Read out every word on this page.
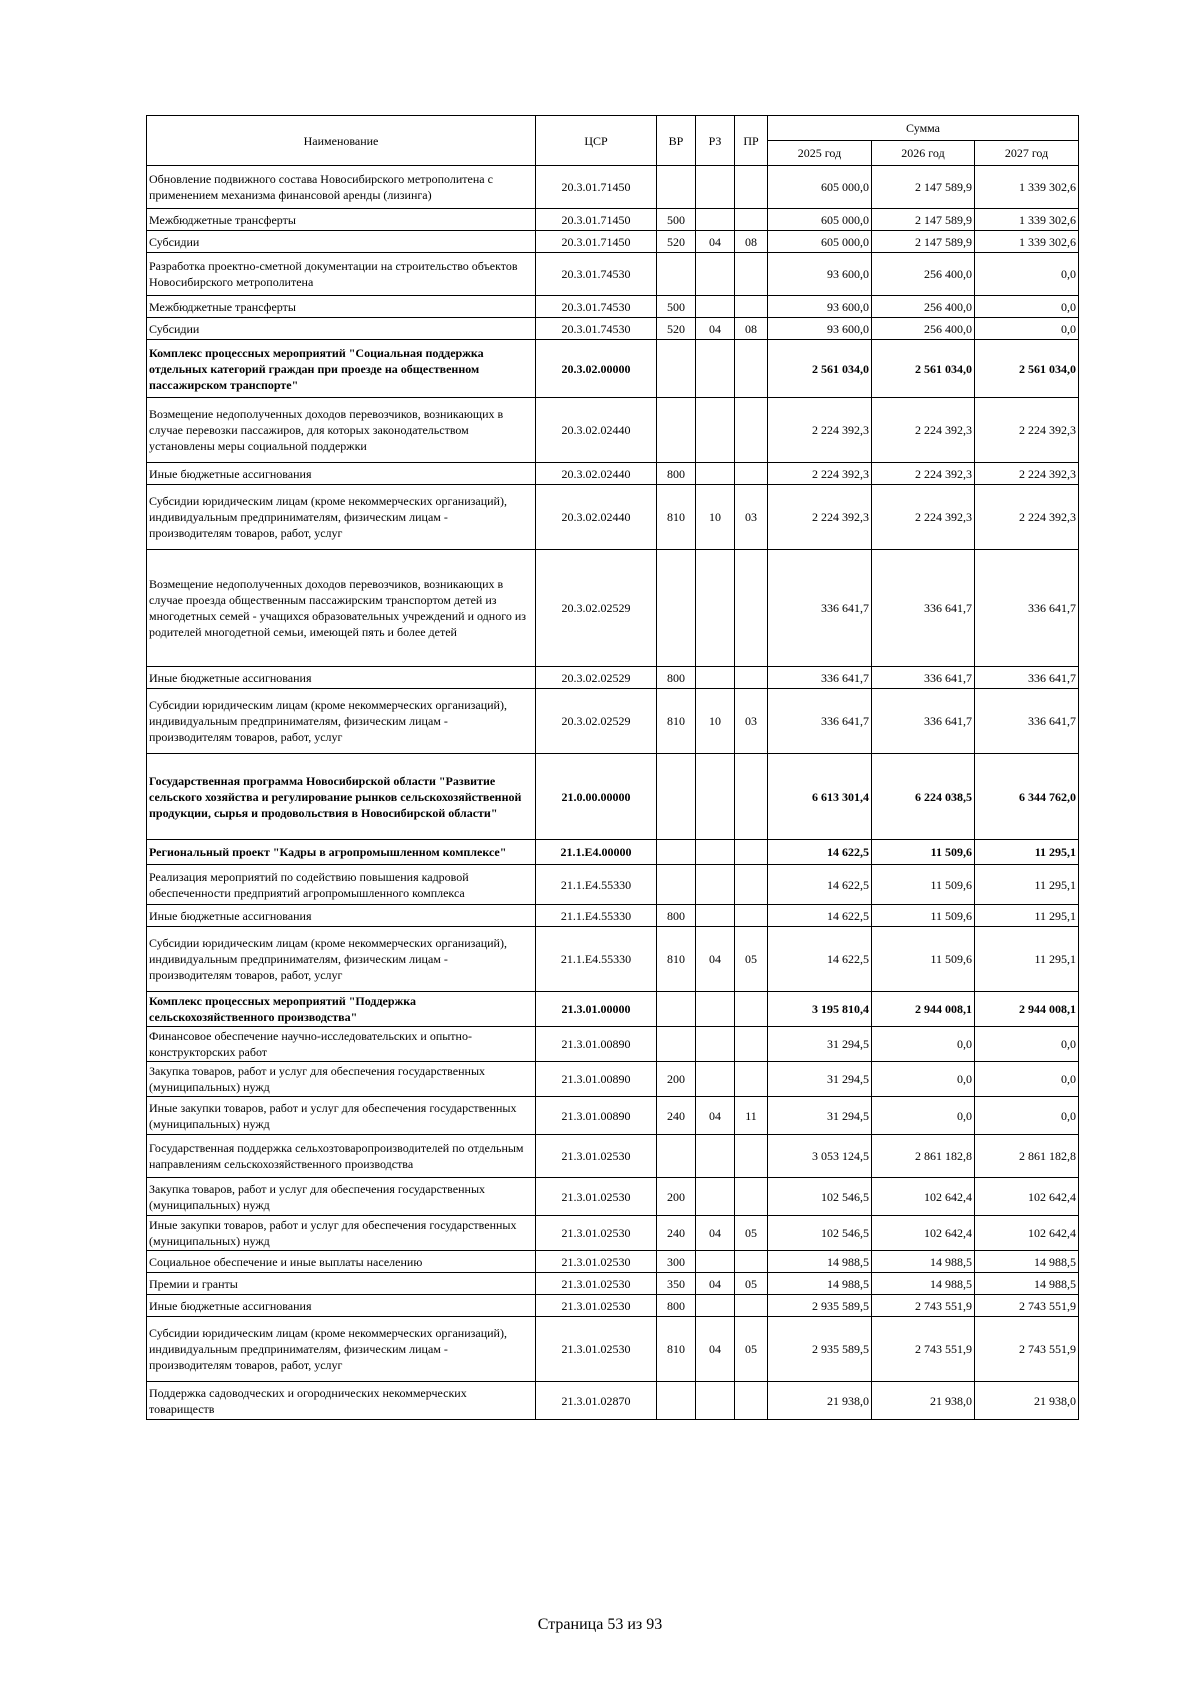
Наименование	ЦСР	ВР	РЗ	ПР	Сумма		
					2025 год	2026 год	2027 год
Обновление подвижного состава Новосибирского метрополитена с применением механизма финансовой аренды (лизинга)	20.3.01.71450				605 000,0	2 147 589,9	1 339 302,6
Межбюджетные трансферты	20.3.01.71450	500			605 000,0	2 147 589,9	1 339 302,6
Субсидии	20.3.01.71450	520	04	08	605 000,0	2 147 589,9	1 339 302,6
Разработка проектно-сметной документации на строительство объектов Новосибирского метрополитена	20.3.01.74530				93 600,0	256 400,0	0,0
Межбюджетные трансферты	20.3.01.74530	500			93 600,0	256 400,0	0,0
Субсидии	20.3.01.74530	520	04	08	93 600,0	256 400,0	0,0
Комплекс процессных мероприятий "Социальная поддержка отдельных категорий граждан при проезде на общественном пассажирском транспорте"	20.3.02.00000				2 561 034,0	2 561 034,0	2 561 034,0
Возмещение недополученных доходов перевозчиков, возникающих в случае перевозки пассажиров, для которых законодательством установлены меры социальной поддержки	20.3.02.02440				2 224 392,3	2 224 392,3	2 224 392,3
Иные бюджетные ассигнования	20.3.02.02440	800			2 224 392,3	2 224 392,3	2 224 392,3
Субсидии юридическим лицам (кроме некоммерческих организаций), индивидуальным предпринимателям, физическим лицам - производителям товаров, работ, услуг	20.3.02.02440	810	10	03	2 224 392,3	2 224 392,3	2 224 392,3
Возмещение недополученных доходов перевозчиков, возникающих в случае проезда общественным пассажирским транспортом детей из многодетных семей - учащихся образовательных учреждений и одного из родителей многодетной семьи, имеющей пять и более детей	20.3.02.02529				336 641,7	336 641,7	336 641,7
Иные бюджетные ассигнования	20.3.02.02529	800			336 641,7	336 641,7	336 641,7
Субсидии юридическим лицам (кроме некоммерческих организаций), индивидуальным предпринимателям, физическим лицам - производителям товаров, работ, услуг	20.3.02.02529	810	10	03	336 641,7	336 641,7	336 641,7
Государственная программа Новосибирской области "Развитие сельского хозяйства и регулирование рынков сельскохозяйственной продукции, сырья и продовольствия в Новосибирской области"	21.0.00.00000				6 613 301,4	6 224 038,5	6 344 762,0
Региональный проект "Кадры в агропромышленном комплексе"	21.1.Е4.00000				14 622,5	11 509,6	11 295,1
Реализация мероприятий по содействию повышения кадровой обеспеченности предприятий агропромышленного комплекса	21.1.Е4.55330				14 622,5	11 509,6	11 295,1
Иные бюджетные ассигнования	21.1.Е4.55330	800			14 622,5	11 509,6	11 295,1
Субсидии юридическим лицам (кроме некоммерческих организаций), индивидуальным предпринимателям, физическим лицам - производителям товаров, работ, услуг	21.1.Е4.55330	810	04	05	14 622,5	11 509,6	11 295,1
Комплекс процессных мероприятий "Поддержка сельскохозяйственного производства"	21.3.01.00000				3 195 810,4	2 944 008,1	2 944 008,1
Финансовое обеспечение научно-исследовательских и опытно-конструкторских работ	21.3.01.00890				31 294,5	0,0	0,0
Закупка товаров, работ и услуг для обеспечения государственных (муниципальных) нужд	21.3.01.00890	200			31 294,5	0,0	0,0
Иные закупки товаров, работ и услуг для обеспечения государственных (муниципальных) нужд	21.3.01.00890	240	04	11	31 294,5	0,0	0,0
Государственная поддержка сельхозтоваропроизводителей по отдельным направлениям сельскохозяйственного производства	21.3.01.02530				3 053 124,5	2 861 182,8	2 861 182,8
Закупка товаров, работ и услуг для обеспечения государственных (муниципальных) нужд	21.3.01.02530	200			102 546,5	102 642,4	102 642,4
Иные закупки товаров, работ и услуг для обеспечения государственных (муниципальных) нужд	21.3.01.02530	240	04	05	102 546,5	102 642,4	102 642,4
Социальное обеспечение и иные выплаты населению	21.3.01.02530	300			14 988,5	14 988,5	14 988,5
Премии и гранты	21.3.01.02530	350	04	05	14 988,5	14 988,5	14 988,5
Иные бюджетные ассигнования	21.3.01.02530	800			2 935 589,5	2 743 551,9	2 743 551,9
Субсидии юридическим лицам (кроме некоммерческих организаций), индивидуальным предпринимателям, физическим лицам - производителям товаров, работ, услуг	21.3.01.02530	810	04	05	2 935 589,5	2 743 551,9	2 743 551,9
Поддержка садоводческих и огороднических некоммерческих товариществ	21.3.01.02870				21 938,0	21 938,0	21 938,0
Страница 53 из 93
